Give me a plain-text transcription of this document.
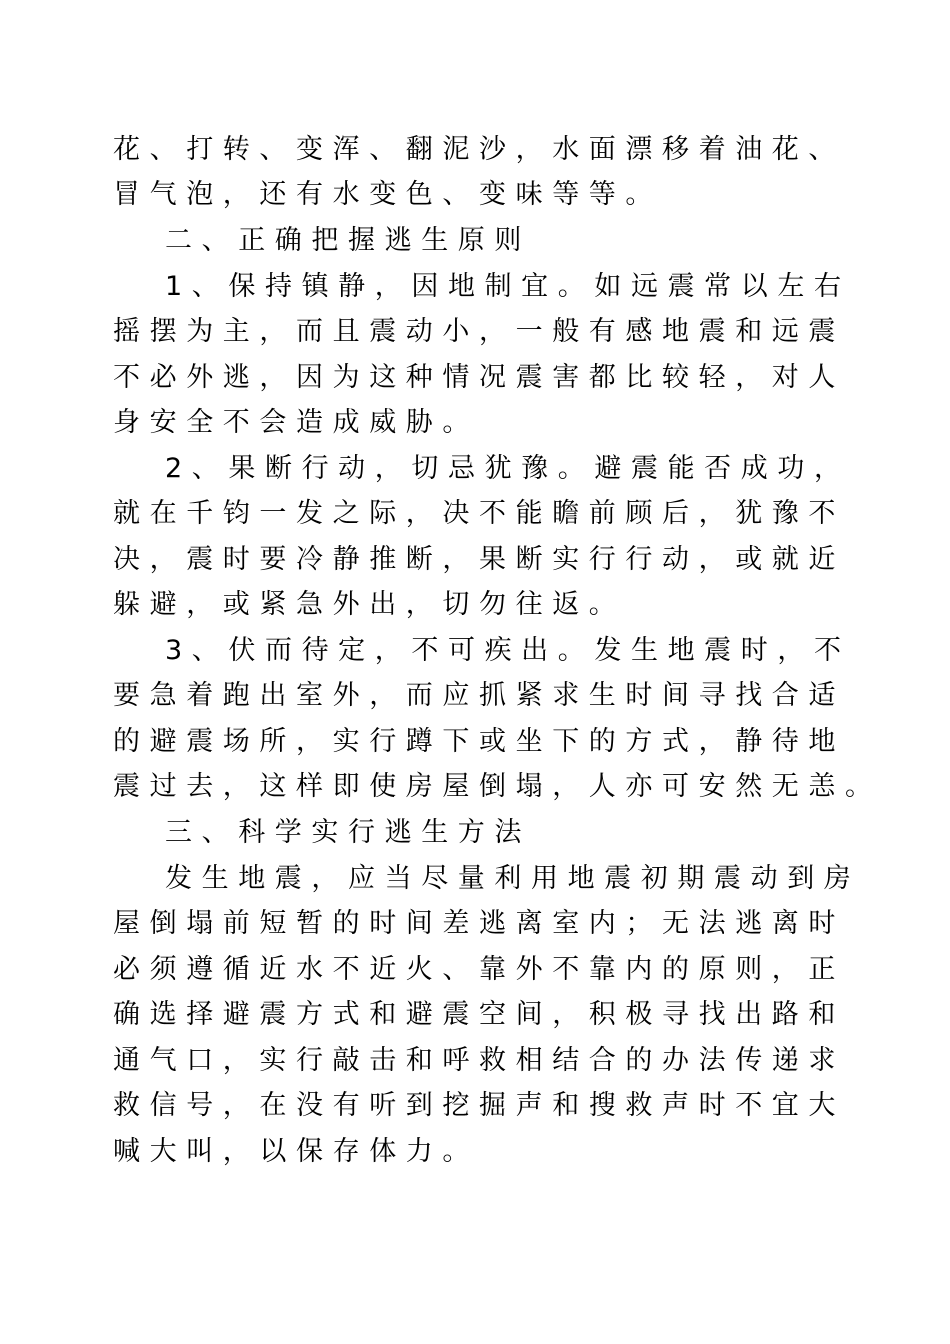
花、打转、变浑、翻泥沙，水面漂移着油花、
冒气泡，还有水变色、变味等等。
二、正确把握逃生原则
1、保持镇静，因地制宜。如远震常以左右
摇摆为主，而且震动小，一般有感地震和远震
不必外逃，因为这种情况震害都比较轻，对人
身安全不会造成威胁。
2、果断行动，切忌犹豫。避震能否成功，
就在千钧一发之际，决不能瞻前顾后，犹豫不
决，震时要冷静推断，果断实行行动，或就近
躲避，或紧急外出，切勿往返。
3、伏而待定，不可疾出。发生地震时，不
要急着跑出室外，而应抓紧求生时间寻找合适
的避震场所，实行蹲下或坐下的方式，静待地
震过去，这样即使房屋倒塌，人亦可安然无恙。
三、科学实行逃生方法
发生地震，应当尽量利用地震初期震动到房
屋倒塌前短暂的时间差逃离室内；无法逃离时
必须遵循近水不近火、靠外不靠内的原则，正
确选择避震方式和避震空间，积极寻找出路和
通气口，实行敲击和呼救相结合的办法传递求
救信号，在没有听到挖掘声和搜救声时不宜大
喊大叫，以保存体力。
